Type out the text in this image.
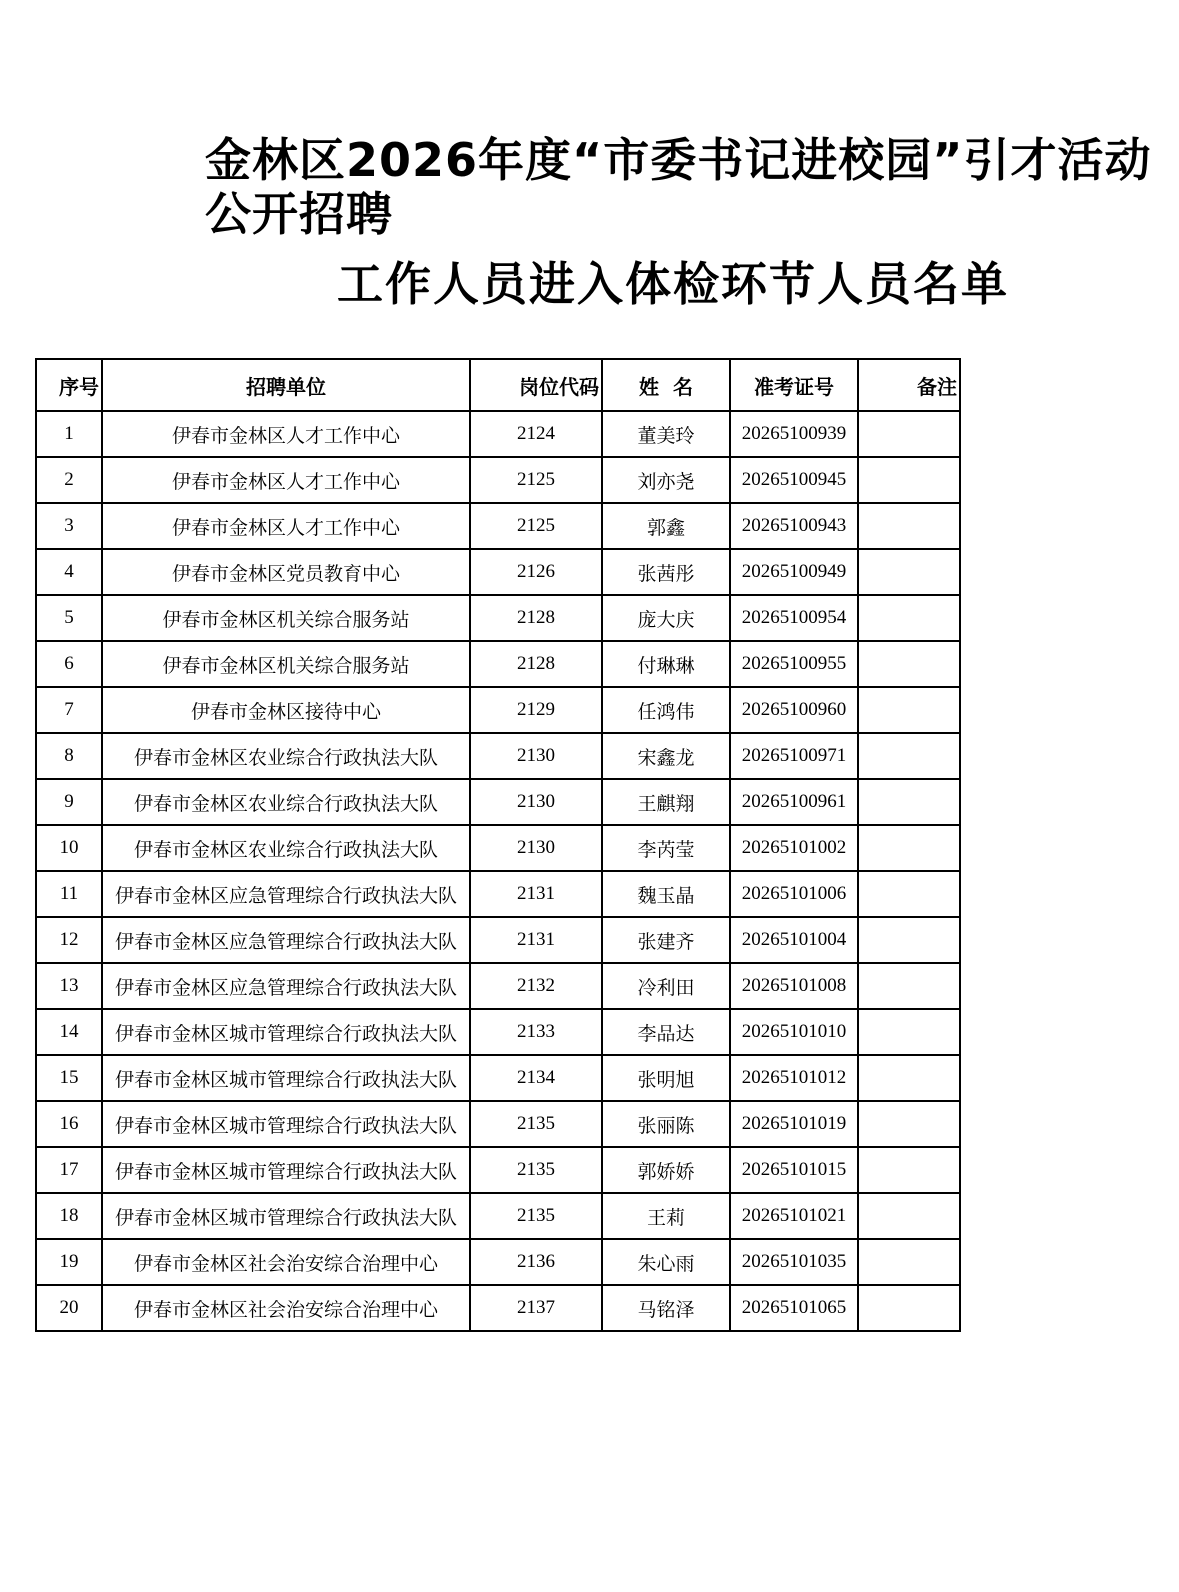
金林区2026年度“市委书记进校园”引才活动
公开招聘
工作人员进入体检环节人员名单
序号	招聘单位	岗位代码	姓  名	准考证号	备注
1	伊春市金林区人才工作中心	2124	董美玲	20265100939	
2	伊春市金林区人才工作中心	2125	刘亦尧	20265100945	
3	伊春市金林区人才工作中心	2125	郭鑫	20265100943	
4	伊春市金林区党员教育中心	2126	张茜彤	20265100949	
5	伊春市金林区机关综合服务站	2128	庞大庆	20265100954	
6	伊春市金林区机关综合服务站	2128	付琳琳	20265100955	
7	伊春市金林区接待中心	2129	任鸿伟	20265100960	
8	伊春市金林区农业综合行政执法大队	2130	宋鑫龙	20265100971	
9	伊春市金林区农业综合行政执法大队	2130	王麒翔	20265100961	
10	伊春市金林区农业综合行政执法大队	2130	李芮莹	20265101002	
11	伊春市金林区应急管理综合行政执法大队	2131	魏玉晶	20265101006	
12	伊春市金林区应急管理综合行政执法大队	2131	张建齐	20265101004	
13	伊春市金林区应急管理综合行政执法大队	2132	冷利田	20265101008	
14	伊春市金林区城市管理综合行政执法大队	2133	李品达	20265101010	
15	伊春市金林区城市管理综合行政执法大队	2134	张明旭	20265101012	
16	伊春市金林区城市管理综合行政执法大队	2135	张丽陈	20265101019	
17	伊春市金林区城市管理综合行政执法大队	2135	郭娇娇	20265101015	
18	伊春市金林区城市管理综合行政执法大队	2135	王莉	20265101021	
19	伊春市金林区社会治安综合治理中心	2136	朱心雨	20265101035	
20	伊春市金林区社会治安综合治理中心	2137	马铭泽	20265101065	
